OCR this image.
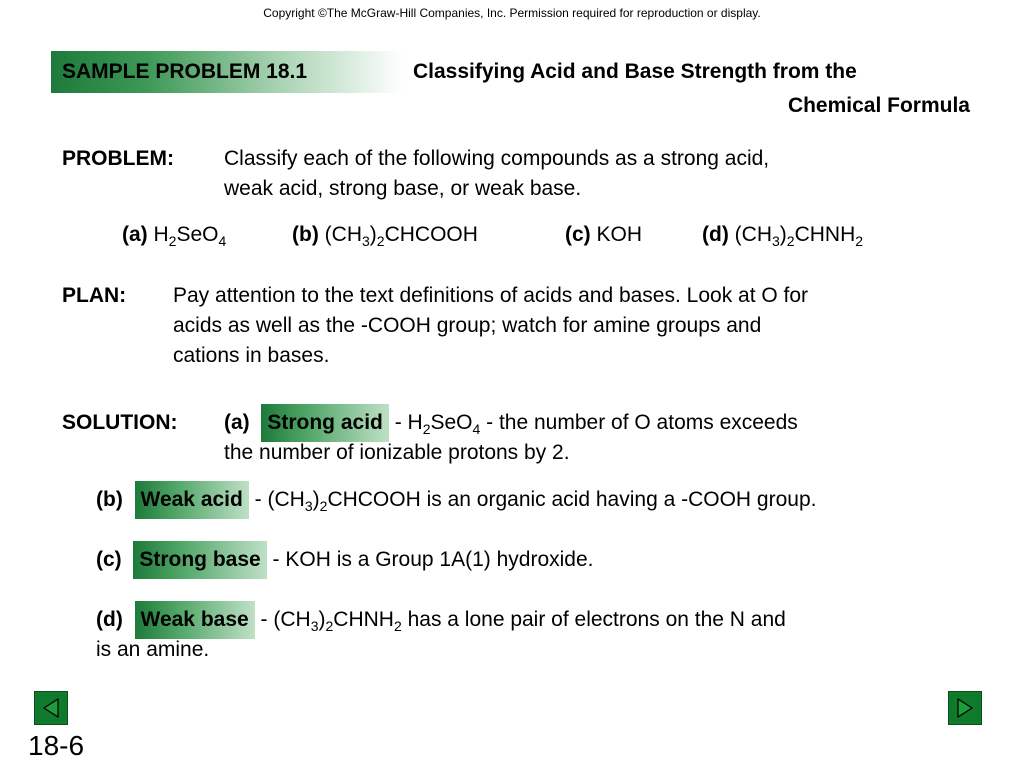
Copyright ©The McGraw-Hill Companies, Inc. Permission required for reproduction or display.
SAMPLE PROBLEM 18.1	Classifying Acid and Base Strength from the
Chemical Formula
PROBLEM: Classify each of the following compounds as a strong acid,
weak acid, strong base, or weak base.
(a) $H_2SeO_4$	(b) $(CH_3)_2CHCOOH$	(c) KOH	(d) $(CH_3)_2CHNH_2$
PLAN: Pay attention to the text definitions of acids and bases. Look at O for
acids as well as the -COOH group; watch for amine groups and
cations in bases.
SOLUTION: (a) Strong acid - $H_2SeO_4$ - the number of O atoms exceeds
the number of ionizable protons by 2.
(b) Weak acid - $(CH_3)_2CHCOOH$ is an organic acid having a -COOH group.
(c) Strong base - KOH is a Group 1A(1) hydroxide.
(d) Weak base - $(CH_3)_2CHNH_2$ has a lone pair of electrons on the N and
is an amine.
18-6
